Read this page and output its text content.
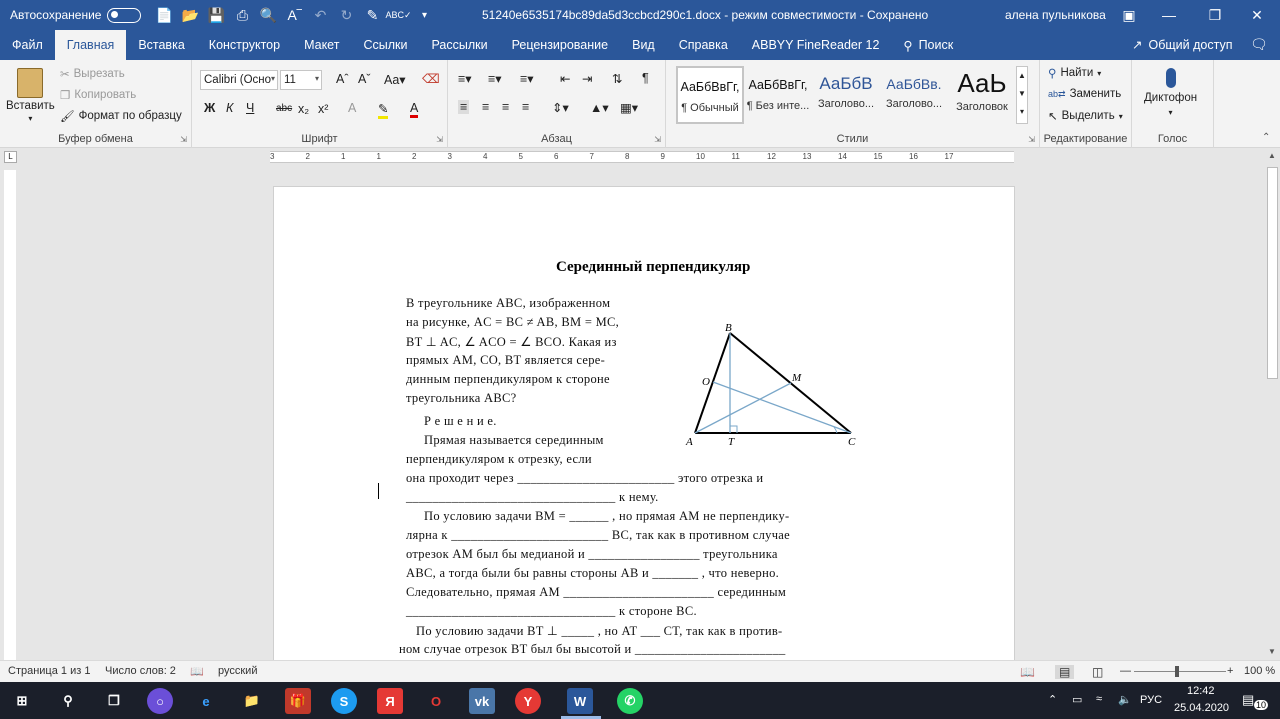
Автосохранение	📄 📂 💾 ⎙ 🔍 A‾ ↶	↻	✎ ABC✓	▾	51240e6535174bc89da5d3ccbcd290c1.docx - режим совместимости - Сохранено	алена пульникова	▣	—	❐	✕
Файл	Главная	Вставка	Конструктор	Макет	Ссылки	Рассылки	Рецензирование	Вид	Справка	ABBYY FineReader 12	⚲ Поиск	↗ Общий доступ 🗨
Вставить
▾
✂ Вырезать
❐ Копировать
🖌 Формат по образцу
Буфер обмена	⇲
Calibri (Осно ▾ 11 ▾ Aˆ Aˇ Aa▾ ⌫
Ж К Ч abc x₂ x² A ✎ A
Шрифт	⇲
≡▾ ≡▾ ≡▾ ⇤ ⇥ ⇅ ¶
≡ ≡ ≡ ≡ ⇕▾ ▲▾ ▦▾
Абзац	⇲
АаБбВвГг,
¶ Обычный
АаБбВвГг,
¶ Без инте...
АаБбВ
Заголово...
АаБбВв.
Заголово...
АаЬ
Заголовок
▲
▼
▾
Стили	⇲
⚲ Найти ▾
ab⇄ Заменить
↖ Выделить ▾
Редактирование
Диктофон
▾
Голос	⌃
L	3	2	1	1	2	3	4	5	6	7	8	9	10	11	12	13	14	15	16	17	▲
▼
Серединный перпендикуляр
В треугольнике ABC, изображенном
на рисунке, AC = BC ≠ AB, BM = MC,
BT ⊥ AC, ∠ ACO = ∠ BCO. Какая из
прямых AM, CO, BT является сере-
динным перпендикуляром к стороне
треугольника ABC?
Р е ш е н и е.
Прямая называется серединным
перпендикуляром к отрезку, если
она проходит через ________________________ этого отрезка и
________________________________ к нему.
По условию задачи BM = ______ , но прямая AM не перпендику-
лярна к ________________________ BC, так как в противном случае
отрезок AM был бы медианой и _________________ треугольника
ABC, а тогда были бы равны стороны AB и _______ , что неверно.
Следовательно, прямая AM _______________________ серединным
________________________________ к стороне BC.
По условию задачи BT ⊥ _____ , но AT ___ CT, так как в против-
ном случае отрезок BT был бы высотой и _______________________
B
O	M
A	T	C
Страница 1 из 1 Число слов: 2 📖 русский	📖	▤	◫ —	+ 100 %
⊞	⚲	❐	○	e	📁	🎁	S	Я	O	vk	Y	W	✆	⌃ ▭ ≈ 🔈 РУС
12:42
25.04.2020
▤ 10
